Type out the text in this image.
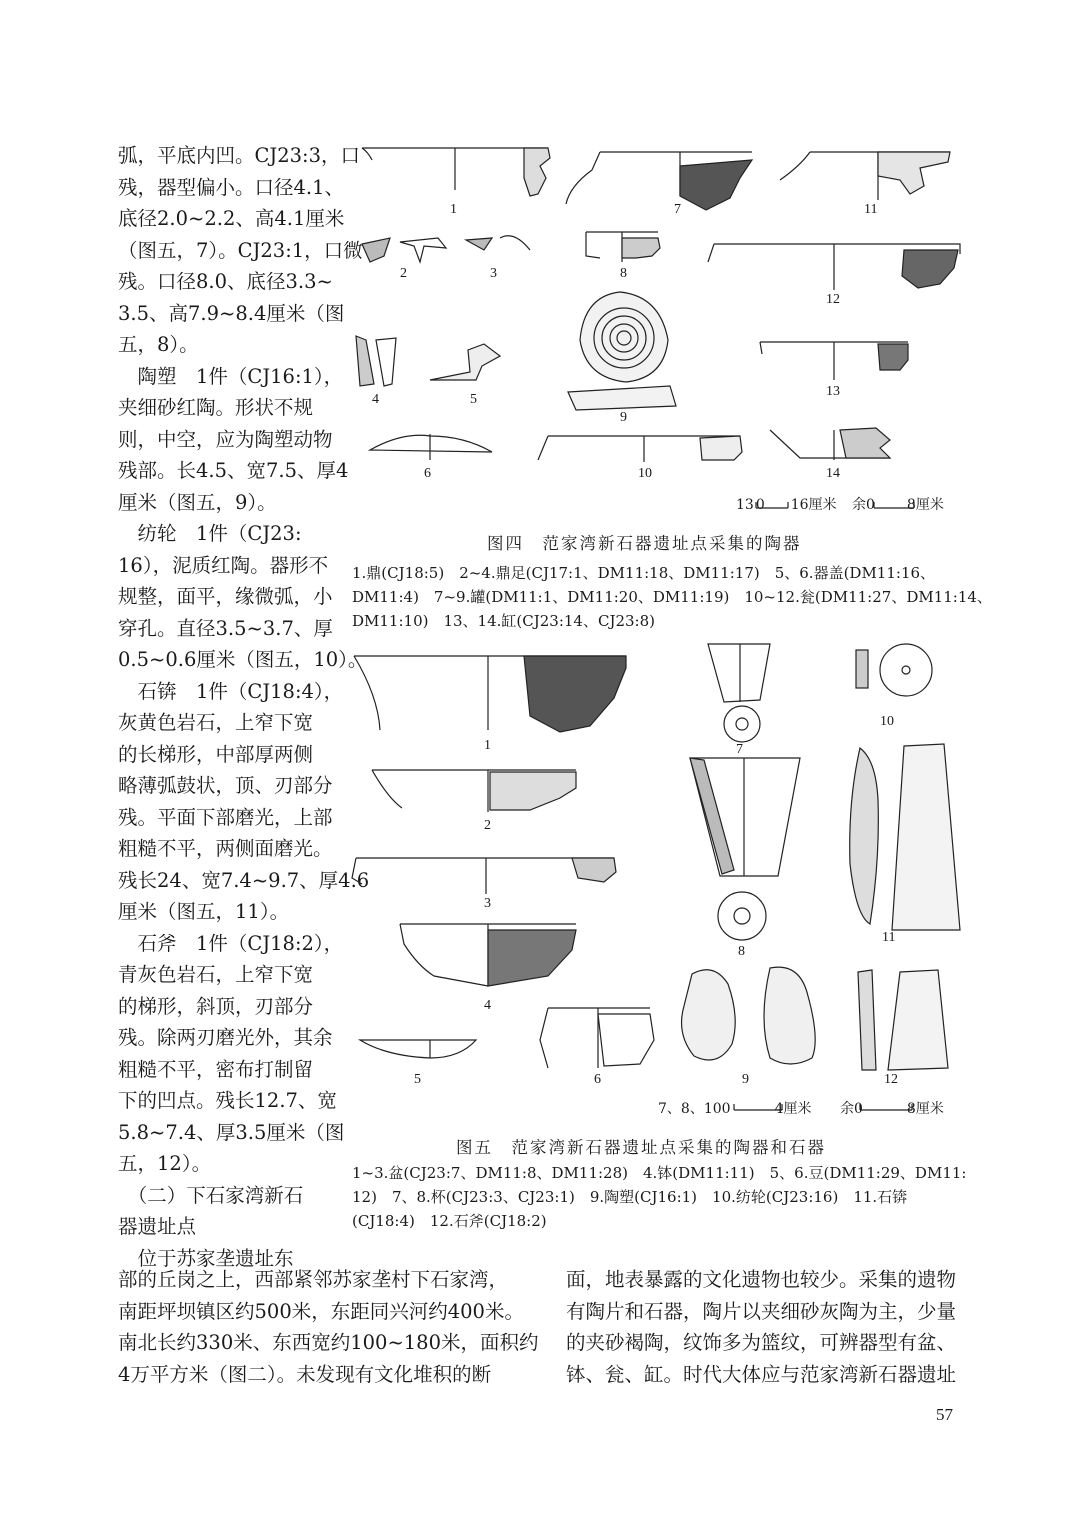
弧，平底内凹。CJ23:3，口
残，器型偏小。口径4.1、
底径2.0~2.2、高4.1厘米
（图五，7）。CJ23:1，口微
残。口径8.0、底径3.3~
3.5、高7.9~8.4厘米（图
五，8）。
　陶塑　1件（CJ16:1），
夹细砂红陶。形状不规
则，中空，应为陶塑动物
残部。长4.5、宽7.5、厚4
厘米（图五，9）。
　纺轮　1件（CJ23:
16），泥质红陶。器形不
规整，面平，缘微弧，小
穿孔。直径3.5~3.7、厚
0.5~0.6厘米（图五，10）。
　石锛　1件（CJ18:4），
灰黄色岩石，上窄下宽
的长梯形，中部厚两侧
略薄弧鼓状，顶、刃部分
残。平面下部磨光，上部
粗糙不平，两侧面磨光。
残长24、宽7.4~9.7、厚4.6
厘米（图五，11）。
　石斧　1件（CJ18:2），
青灰色岩石，上窄下宽
的梯形，斜顶，刃部分
残。除两刃磨光外，其余
粗糙不平，密布打制留
下的凹点。残长12.7、宽
5.8~7.4、厚3.5厘米（图
五，12）。
　（二）下石家湾新石
器遗址点
　位于苏家垄遗址东
1
2	3
4	5
6
7
8
9
10
11
12
13
14
13 0 16厘米 余0 8厘米
图四　范家湾新石器遗址点采集的陶器
1.鼎(CJ18:5)　2~4.鼎足(CJ17:1、DM11:18、DM11:17)　5、6.器盖(DM11:16、
DM11:4)　7~9.罐(DM11:1、DM11:20、DM11:19)　10~12.瓮(DM11:27、DM11:14、
DM11:10)　13、14.缸(CJ23:14、CJ23:8)
1
2
3
4
5	6
7
8
9
10
11
12
7、8、100	4厘米 余0	8厘米
图五　范家湾新石器遗址点采集的陶器和石器
1~3.盆(CJ23:7、DM11:8、DM11:28)　4.钵(DM11:11)　5、6.豆(DM11:29、DM11:
12)　7、8.杯(CJ23:3、CJ23:1)　9.陶塑(CJ16:1)　10.纺轮(CJ23:16)　11.石锛
(CJ18:4)　12.石斧(CJ18:2)
部的丘岗之上，西部紧邻苏家垄村下石家湾，
南距坪坝镇区约500米，东距同兴河约400米。
南北长约330米、东西宽约100~180米，面积约
4万平方米（图二）。未发现有文化堆积的断
面，地表暴露的文化遗物也较少。采集的遗物
有陶片和石器，陶片以夹细砂灰陶为主，少量
的夹砂褐陶，纹饰多为篮纹，可辨器型有盆、
钵、瓮、缸。时代大体应与范家湾新石器遗址
57
